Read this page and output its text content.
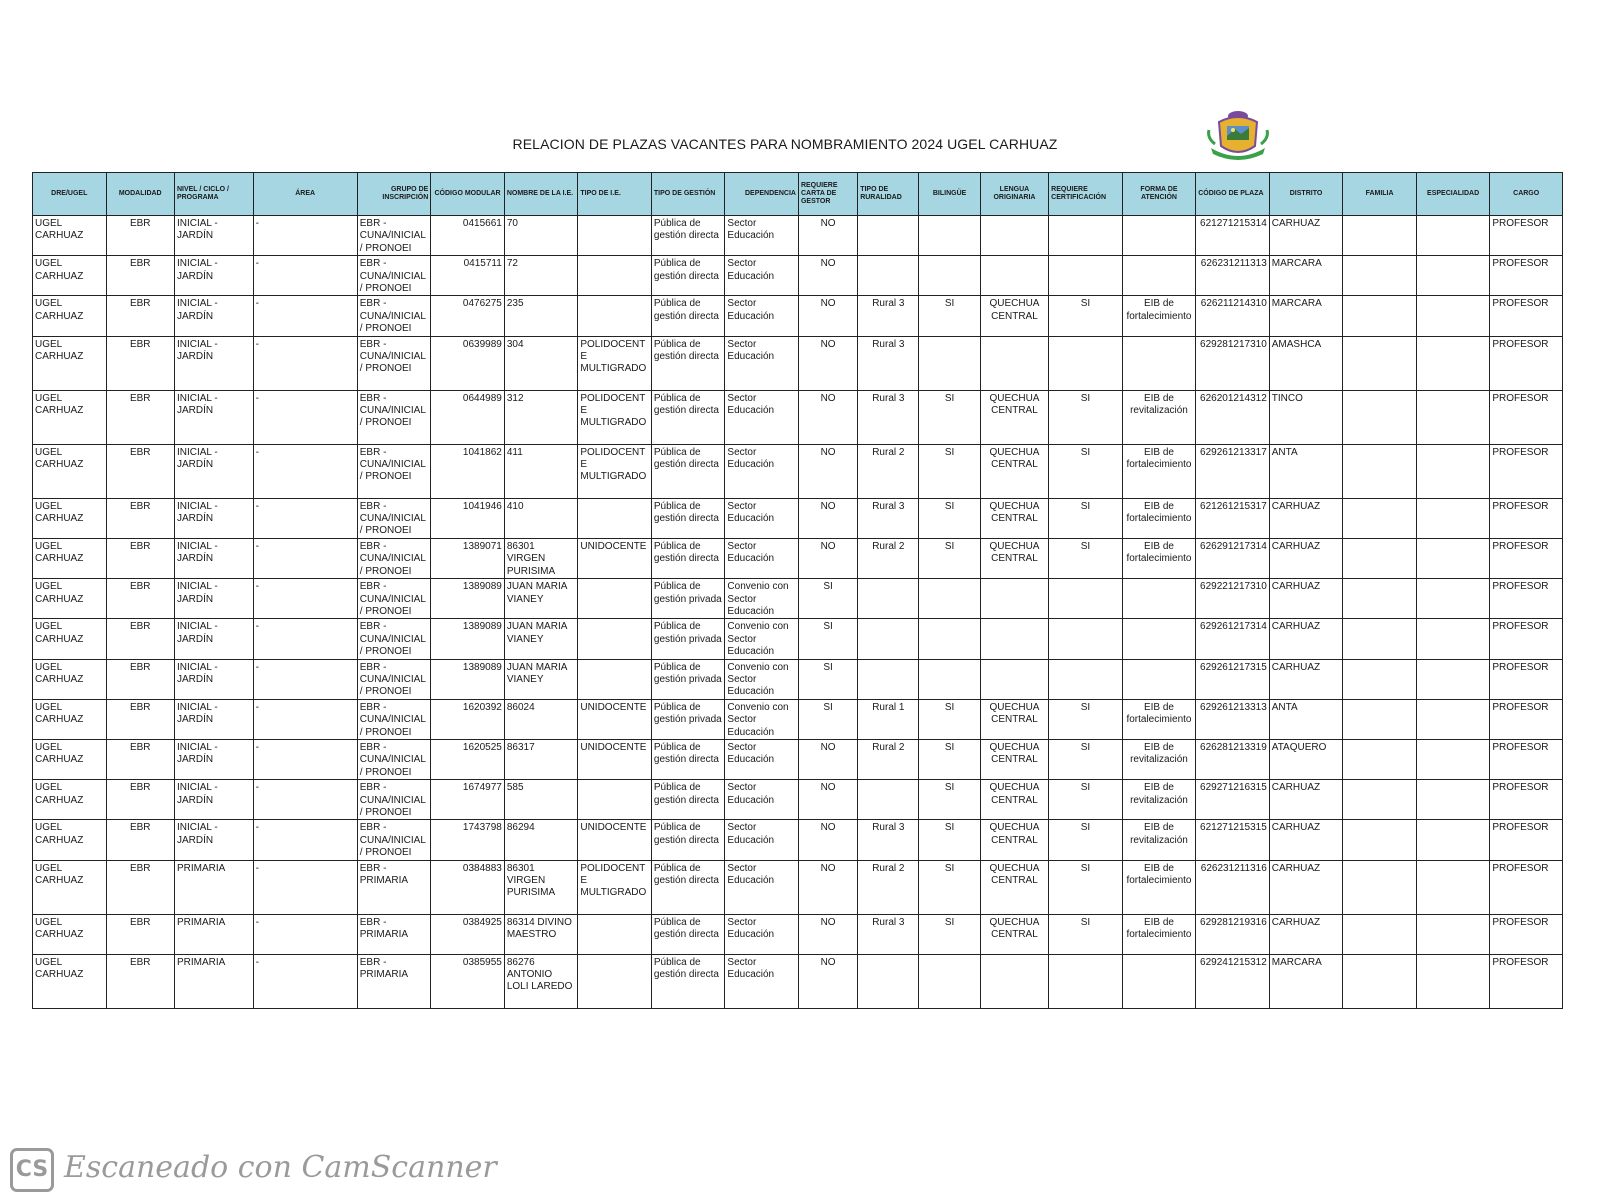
RELACION DE PLAZAS VACANTES PARA NOMBRAMIENTO 2024 UGEL CARHUAZ
DRE/UGEL	MODALIDAD	NIVEL / CICLO / PROGRAMA	ÁREA	GRUPO DE INSCRIPCIÓN	CÓDIGO MODULAR	NOMBRE DE LA I.E.	TIPO DE I.E.	TIPO DE GESTIÓN	DEPENDENCIA	REQUIERE CARTA DE GESTOR	TIPO DE RURALIDAD	BILINGÜE	LENGUA ORIGINARIA	REQUIERE CERTIFICACIÓN	FORMA DE ATENCIÓN	CÓDIGO DE PLAZA	DISTRITO	FAMILIA	ESPECIALIDAD	CARGO
UGEL CARHUAZ	EBR	INICIAL - JARDÍN	-	EBR - CUNA/INICIAL/ PRONOEI	0415661	70		Pública de gestión directa	Sector Educación	NO						621271215314	CARHUAZ			PROFESOR
UGEL CARHUAZ	EBR	INICIAL - JARDÍN	-	EBR - CUNA/INICIAL/ PRONOEI	0415711	72		Pública de gestión directa	Sector Educación	NO						626231211313	MARCARA			PROFESOR
UGEL CARHUAZ	EBR	INICIAL - JARDÍN	-	EBR - CUNA/INICIAL/ PRONOEI	0476275	235		Pública de gestión directa	Sector Educación	NO	Rural 3	SI	QUECHUA CENTRAL	SI	EIB de fortalecimiento	626211214310	MARCARA			PROFESOR
UGEL CARHUAZ	EBR	INICIAL - JARDÍN	-	EBR - CUNA/INICIAL/ PRONOEI	0639989	304	POLIDOCENT E MULTIGRADO	Pública de gestión directa	Sector Educación	NO	Rural 3					629281217310	AMASHCA			PROFESOR
UGEL CARHUAZ	EBR	INICIAL - JARDÍN	-	EBR - CUNA/INICIAL/ PRONOEI	0644989	312	POLIDOCENT E MULTIGRADO	Pública de gestión directa	Sector Educación	NO	Rural 3	SI	QUECHUA CENTRAL	SI	EIB de revitalización	626201214312	TINCO			PROFESOR
UGEL CARHUAZ	EBR	INICIAL - JARDÍN	-	EBR - CUNA/INICIAL/ PRONOEI	1041862	411	POLIDOCENT E MULTIGRADO	Pública de gestión directa	Sector Educación	NO	Rural 2	SI	QUECHUA CENTRAL	SI	EIB de fortalecimiento	629261213317	ANTA			PROFESOR
UGEL CARHUAZ	EBR	INICIAL - JARDÍN	-	EBR - CUNA/INICIAL/ PRONOEI	1041946	410		Pública de gestión directa	Sector Educación	NO	Rural 3	SI	QUECHUA CENTRAL	SI	EIB de fortalecimiento	621261215317	CARHUAZ			PROFESOR
UGEL CARHUAZ	EBR	INICIAL - JARDÍN	-	EBR - CUNA/INICIAL/ PRONOEI	1389071	86301 VIRGEN PURISIMA	UNIDOCENTE	Pública de gestión directa	Sector Educación	NO	Rural 2	SI	QUECHUA CENTRAL	SI	EIB de fortalecimiento	626291217314	CARHUAZ			PROFESOR
UGEL CARHUAZ	EBR	INICIAL - JARDÍN	-	EBR - CUNA/INICIAL/ PRONOEI	1389089	JUAN MARIA VIANEY		Pública de gestión privada	Convenio con Sector Educación	SI						629221217310	CARHUAZ			PROFESOR
UGEL CARHUAZ	EBR	INICIAL - JARDÍN	-	EBR - CUNA/INICIAL/ PRONOEI	1389089	JUAN MARIA VIANEY		Pública de gestión privada	Convenio con Sector Educación	SI						629261217314	CARHUAZ			PROFESOR
UGEL CARHUAZ	EBR	INICIAL - JARDÍN	-	EBR - CUNA/INICIAL/ PRONOEI	1389089	JUAN MARIA VIANEY		Pública de gestión privada	Convenio con Sector Educación	SI						629261217315	CARHUAZ			PROFESOR
UGEL CARHUAZ	EBR	INICIAL - JARDÍN	-	EBR - CUNA/INICIAL/ PRONOEI	1620392	86024	UNIDOCENTE	Pública de gestión privada	Convenio con Sector Educación	SI	Rural 1	SI	QUECHUA CENTRAL	SI	EIB de fortalecimiento	629261213313	ANTA			PROFESOR
UGEL CARHUAZ	EBR	INICIAL - JARDÍN	-	EBR - CUNA/INICIAL/ PRONOEI	1620525	86317	UNIDOCENTE	Pública de gestión directa	Sector Educación	NO	Rural 2	SI	QUECHUA CENTRAL	SI	EIB de revitalización	626281213319	ATAQUERO			PROFESOR
UGEL CARHUAZ	EBR	INICIAL - JARDÍN	-	EBR - CUNA/INICIAL/ PRONOEI	1674977	585		Pública de gestión directa	Sector Educación	NO		SI	QUECHUA CENTRAL	SI	EIB de revitalización	629271216315	CARHUAZ			PROFESOR
UGEL CARHUAZ	EBR	INICIAL - JARDÍN	-	EBR - CUNA/INICIAL/ PRONOEI	1743798	86294	UNIDOCENTE	Pública de gestión directa	Sector Educación	NO	Rural 3	SI	QUECHUA CENTRAL	SI	EIB de revitalización	621271215315	CARHUAZ			PROFESOR
UGEL CARHUAZ	EBR	PRIMARIA	-	EBR - PRIMARIA	0384883	86301 VIRGEN PURISIMA	POLIDOCENT E MULTIGRADO	Pública de gestión directa	Sector Educación	NO	Rural 2	SI	QUECHUA CENTRAL	SI	EIB de fortalecimiento	626231211316	CARHUAZ			PROFESOR
UGEL CARHUAZ	EBR	PRIMARIA	-	EBR - PRIMARIA	0384925	86314 DIVINO MAESTRO		Pública de gestión directa	Sector Educación	NO	Rural 3	SI	QUECHUA CENTRAL	SI	EIB de fortalecimiento	629281219316	CARHUAZ			PROFESOR
UGEL CARHUAZ	EBR	PRIMARIA	-	EBR - PRIMARIA	0385955	86276 ANTONIO LOLI LAREDO		Pública de gestión directa	Sector Educación	NO						629241215312	MARCARA			PROFESOR
CS Escaneado con CamScanner
